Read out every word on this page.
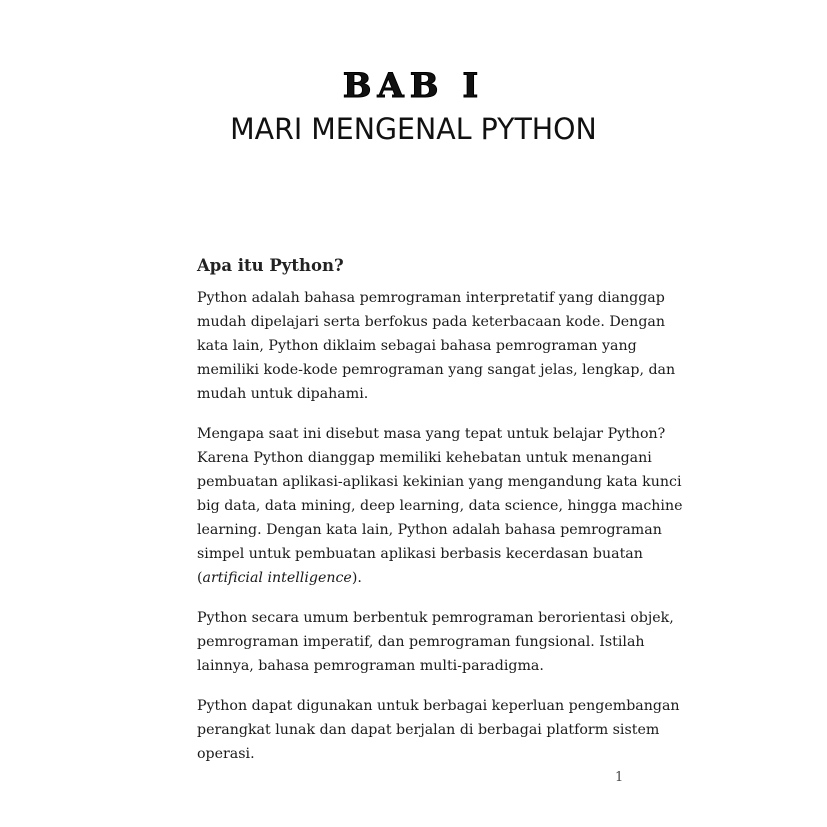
BAB I
MARI MENGENAL PYTHON
Apa itu Python?
Python adalah bahasa pemrograman interpretatif yang dianggap
mudah dipelajari serta berfokus pada keterbacaan kode. Dengan
kata lain, Python diklaim sebagai bahasa pemrograman yang
memiliki kode-kode pemrograman yang sangat jelas, lengkap, dan
mudah untuk dipahami.
Mengapa saat ini disebut masa yang tepat untuk belajar Python?
Karena Python dianggap memiliki kehebatan untuk menangani
pembuatan aplikasi-aplikasi kekinian yang mengandung kata kunci
big data, data mining, deep learning, data science, hingga machine
learning. Dengan kata lain, Python adalah bahasa pemrograman
simpel untuk pembuatan aplikasi berbasis kecerdasan buatan
(artificial intelligence).
Python secara umum berbentuk pemrograman berorientasi objek,
pemrograman imperatif, dan pemrograman fungsional. Istilah
lainnya, bahasa pemrograman multi-paradigma.
Python dapat digunakan untuk berbagai keperluan pengembangan
perangkat lunak dan dapat berjalan di berbagai platform sistem
operasi.
1
